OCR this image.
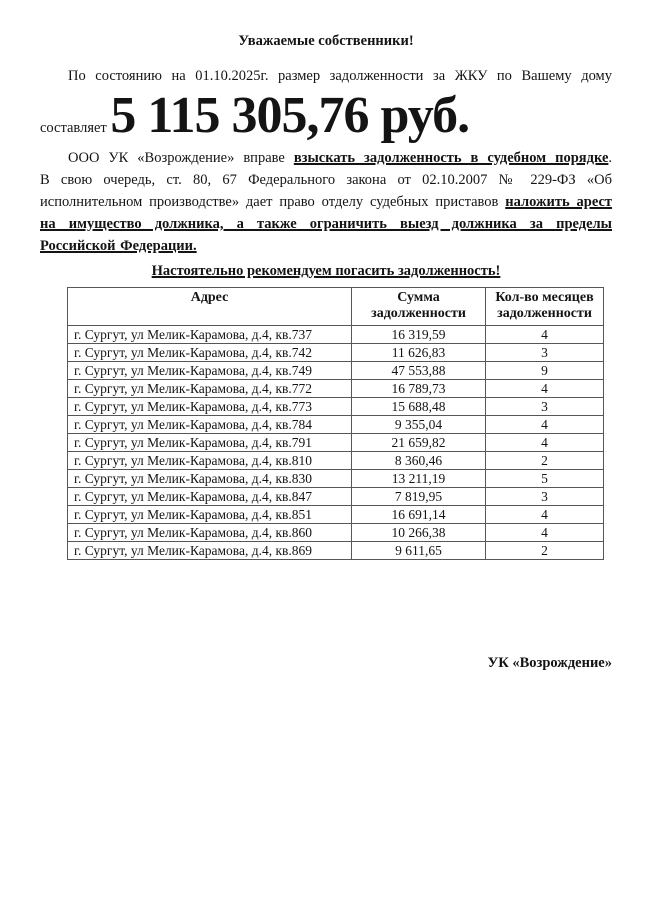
Уважаемые собственники!
По состоянию на 01.10.2025г. размер задолженности за ЖКУ по Вашему дому
составляет 5 115 305,76 руб.
ООО УК «Возрождение» вправе взыскать задолженность в судебном порядке.
В свою очередь, ст. 80, 67 Федерального закона от 02.10.2007 № 229-ФЗ «Об
исполнительном производстве» дает право отделу судебных приставов наложить арест
на имущество должника, а также ограничить выезд должника за пределы
Российской Федерации.
Настоятельно рекомендуем погасить задолженность!
Адрес	Сумма задолженности	Кол-во месяцев задолженности
г. Сургут, ул Мелик-Карамова, д.4, кв.737	16 319,59	4
г. Сургут, ул Мелик-Карамова, д.4, кв.742	11 626,83	3
г. Сургут, ул Мелик-Карамова, д.4, кв.749	47 553,88	9
г. Сургут, ул Мелик-Карамова, д.4, кв.772	16 789,73	4
г. Сургут, ул Мелик-Карамова, д.4, кв.773	15 688,48	3
г. Сургут, ул Мелик-Карамова, д.4, кв.784	9 355,04	4
г. Сургут, ул Мелик-Карамова, д.4, кв.791	21 659,82	4
г. Сургут, ул Мелик-Карамова, д.4, кв.810	8 360,46	2
г. Сургут, ул Мелик-Карамова, д.4, кв.830	13 211,19	5
г. Сургут, ул Мелик-Карамова, д.4, кв.847	7 819,95	3
г. Сургут, ул Мелик-Карамова, д.4, кв.851	16 691,14	4
г. Сургут, ул Мелик-Карамова, д.4, кв.860	10 266,38	4
г. Сургут, ул Мелик-Карамова, д.4, кв.869	9 611,65	2
УК «Возрождение»
